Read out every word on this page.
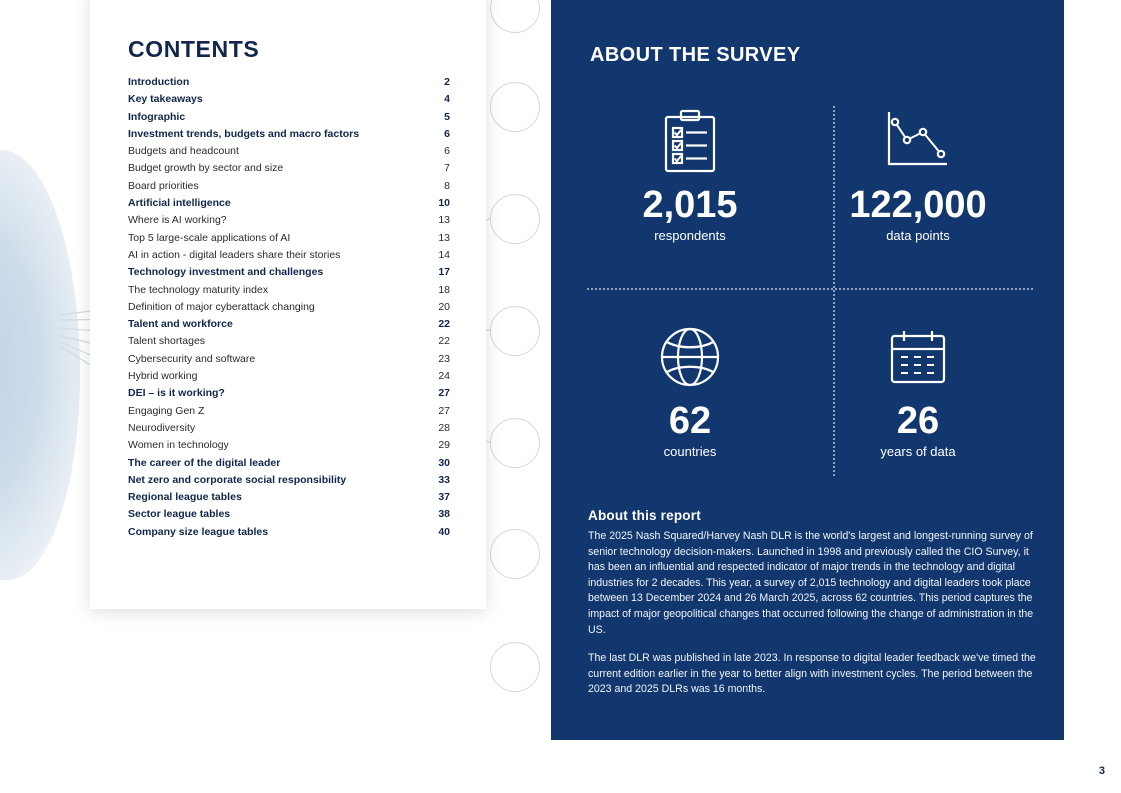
CONTENTS
Introduction	2
Key takeaways	4
Infographic	5
Investment trends, budgets and macro factors	6
Budgets and headcount	6
Budget growth by sector and size	7
Board priorities	8
Artificial intelligence	10
Where is AI working?	13
Top 5 large-scale applications of AI	13
AI in action - digital leaders share their stories	14
Technology investment and challenges	17
The technology maturity index	18
Definition of major cyberattack changing	20
Talent and workforce	22
Talent shortages	22
Cybersecurity and software	23
Hybrid working	24
DEI – is it working?	27
Engaging Gen Z	27
Neurodiversity	28
Women in technology	29
The career of the digital leader	30
Net zero and corporate social responsibility	33
Regional league tables	37
Sector league tables	38
Company size league tables	40
ABOUT THE SURVEY
2,015
respondents
122,000
data points
62
countries
26
years of data
About this report

The 2025 Nash Squared/Harvey Nash DLR is the world's largest and longest-running survey of senior technology decision-makers. Launched in 1998 and previously called the CIO Survey, it has been an influential and respected indicator of major trends in the technology and digital industries for 2 decades. This year, a survey of 2,015 technology and digital leaders took place between 13 December 2024 and 26 March 2025, across 62 countries. This period captures the impact of major geopolitical changes that occurred following the change of administration in the US.

The last DLR was published in late 2023. In response to digital leader feedback we've timed the current edition earlier in the year to better align with investment cycles. The period between the 2023 and 2025 DLRs was 16 months.

3
